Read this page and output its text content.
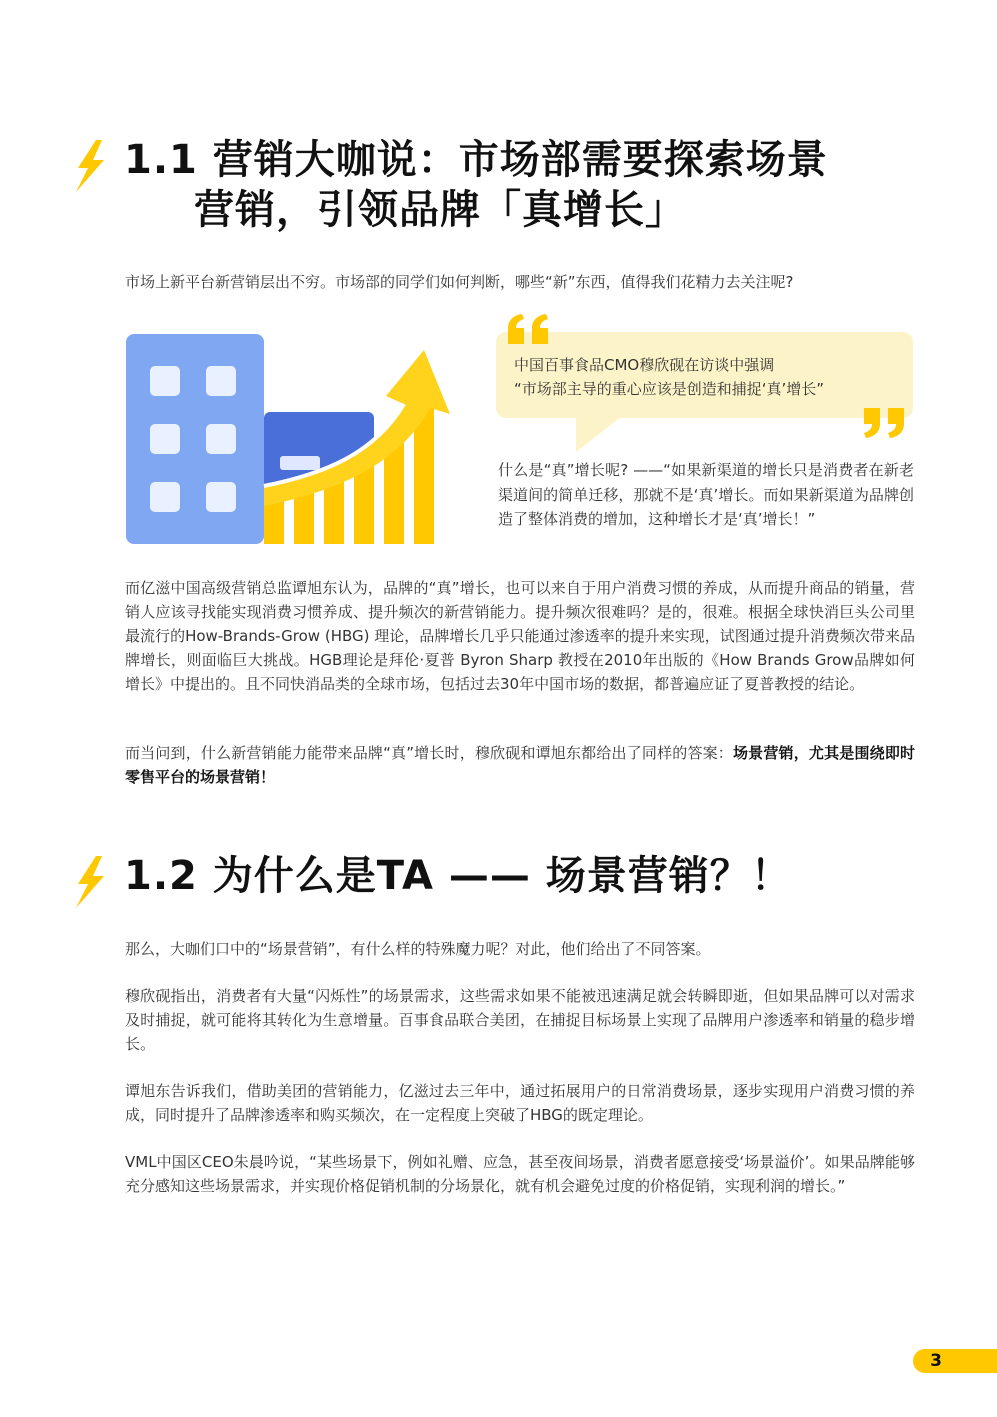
1.1 营销大咖说：市场部需要探索场景
营销，引领品牌「真增长」

市场上新平台新营销层出不穷。市场部的同学们如何判断，哪些“新”东西，值得我们花精力去关注呢?

中国百事食品CMO穆欣砚在访谈中强调
“市场部主导的重心应该是创造和捕捉‘真’增长”
什么是“真”增长呢? ——“如果新渠道的增长只是消费者在新老渠道间的简单迁移，那就不是‘真’增长。而如果新渠道为品牌创造了整体消费的增加，这种增长才是‘真’增长！”

而亿滋中国高级营销总监谭旭东认为，品牌的“真”增长，也可以来自于用户消费习惯的养成，从而提升商品的销量，营销人应该寻找能实现消费习惯养成、提升频次的新营销能力。提升频次很难吗？是的，很难。根据全球快消巨头公司里最流行的How-Brands-Grow (HBG) 理论，品牌增长几乎只能通过渗透率的提升来实现，试图通过提升消费频次带来品牌增长，则面临巨大挑战。HGB理论是拜伦·夏普 Byron Sharp 教授在2010年出版的《How Brands Grow品牌如何增长》中提出的。且不同快消品类的全球市场，包括过去30年中国市场的数据，都普遍应证了夏普教授的结论。

而当问到，什么新营销能力能带来品牌“真”增长时，穆欣砚和谭旭东都给出了同样的答案：场景营销，尤其是围绕即时零售平台的场景营销！

1.2 为什么是TA —— 场景营销？！

那么，大咖们口中的“场景营销”，有什么样的特殊魔力呢？对此，他们给出了不同答案。

穆欣砚指出，消费者有大量“闪烁性”的场景需求，这些需求如果不能被迅速满足就会转瞬即逝，但如果品牌可以对需求及时捕捉，就可能将其转化为生意增量。百事食品联合美团，在捕捉目标场景上实现了品牌用户渗透率和销量的稳步增长。

谭旭东告诉我们，借助美团的营销能力，亿滋过去三年中，通过拓展用户的日常消费场景，逐步实现用户消费习惯的养成，同时提升了品牌渗透率和购买频次，在一定程度上突破了HBG的既定理论。

VML中国区CEO朱晨吟说，“某些场景下，例如礼赠、应急，甚至夜间场景，消费者愿意接受‘场景溢价’。如果品牌能够充分感知这些场景需求，并实现价格促销机制的分场景化，就有机会避免过度的价格促销，实现利润的增长。”

3
